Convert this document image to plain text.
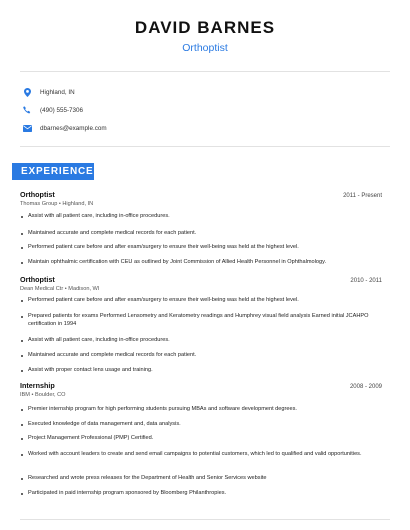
DAVID BARNES
Orthoptist
Highland, IN
(490) 555-7306
dbarnes@example.com
EXPERIENCE
Orthoptist	2011 - Present
Thomas Group • Highland, IN
Assist with all patient care, including in-office procedures.
Maintained accurate and complete medical records for each patient.
Performed patient care before and after exam/surgery to ensure their well-being was held at the highest level.
Maintain ophthalmic certification with CEU as outlined by Joint Commission of Allied Health Personnel in Ophthalmology.
Orthoptist	2010 - 2011
Dean Medical Ctr • Madison, WI
Performed patient care before and after exam/surgery to ensure their well-being was held at the highest level.
Prepared patients for exams Performed Lensometry and Keratometry readings and Humphrey visual field analysis Earned initial JCAHPO certification in 1994
Assist with all patient care, including in-office procedures.
Maintained accurate and complete medical records for each patient.
Assist with proper contact lens usage and training.
Internship	2008 - 2009
IBM • Boulder, CO
Premier internship program for high performing students pursuing MBAs and software development degrees.
Executed knowledge of data management and, data analysis.
Project Management Professional (PMP) Certified.
Worked with account leaders to create and send email campaigns to potential customers, which led to qualified and valid opportunities.
Researched and wrote press releases for the Department of Health and Senior Services website
Participated in paid internship program sponsored by Bloomberg Philanthropies.
